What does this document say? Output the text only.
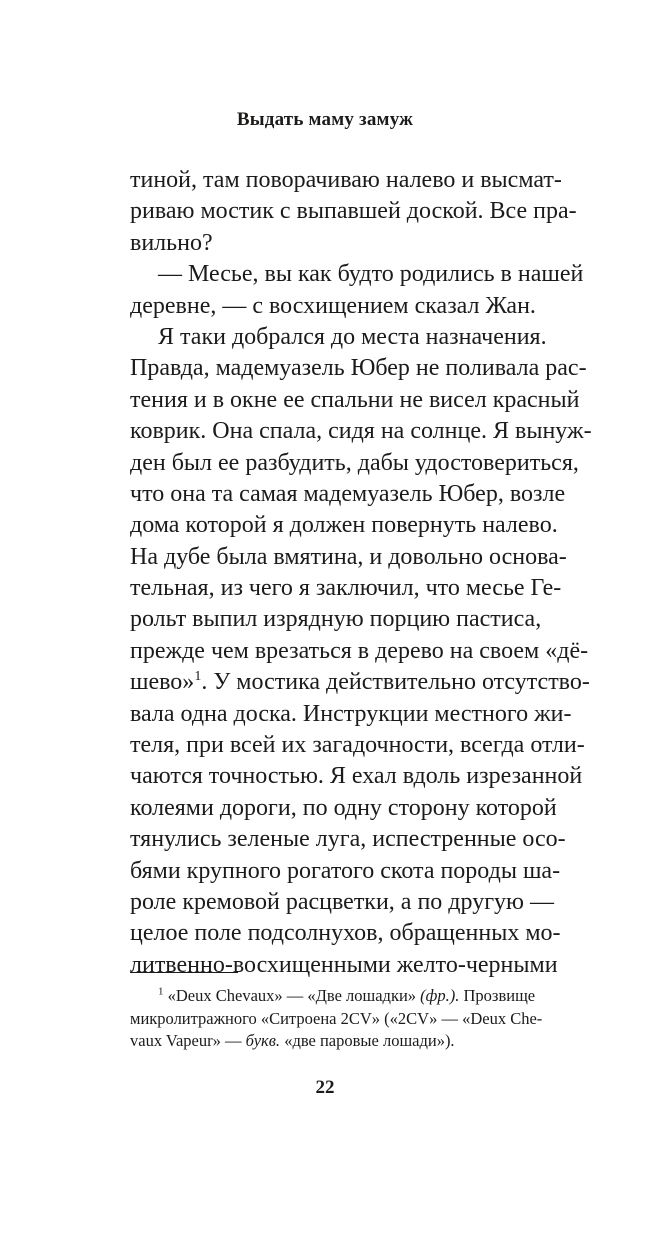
Выдать маму замуж
тиной, там поворачиваю налево и высмат-
риваю мостик с выпавшей доской. Все пра-
вильно?
— Месье, вы как будто родились в нашей
деревне, — с восхищением сказал Жан.
Я таки добрался до места назначения.
Правда, мадемуазель Юбер не поливала рас-
тения и в окне ее спальни не висел красный
коврик. Она спала, сидя на солнце. Я вынуж-
ден был ее разбудить, дабы удостовериться,
что она та самая мадемуазель Юбер, возле
дома которой я должен повернуть налево.
На дубе была вмятина, и довольно основа-
тельная, из чего я заключил, что месье Ге-
рольт выпил изрядную порцию пастиса,
прежде чем врезаться в дерево на своем «дё-
шево»$^1$. У мостика действительно отсутство-
вала одна доска. Инструкции местного жи-
теля, при всей их загадочности, всегда отли-
чаются точностью. Я ехал вдоль изрезанной
колеями дороги, по одну сторону которой
тянулись зеленые луга, испестренные осо-
бями крупного рогатого скота породы ша-
роле кремовой расцветки, а по другую —
целое поле подсолнухов, обращенных мо-
литвенно-восхищенными желто-черными
$^1$ «Deux Chevaux» — «Две лошадки» (фр.). Прозвище
микролитражного «Ситроена 2CV» («2CV» — «Deux Che-
vaux Vapeur» — букв. «две паровые лошади»).
22
